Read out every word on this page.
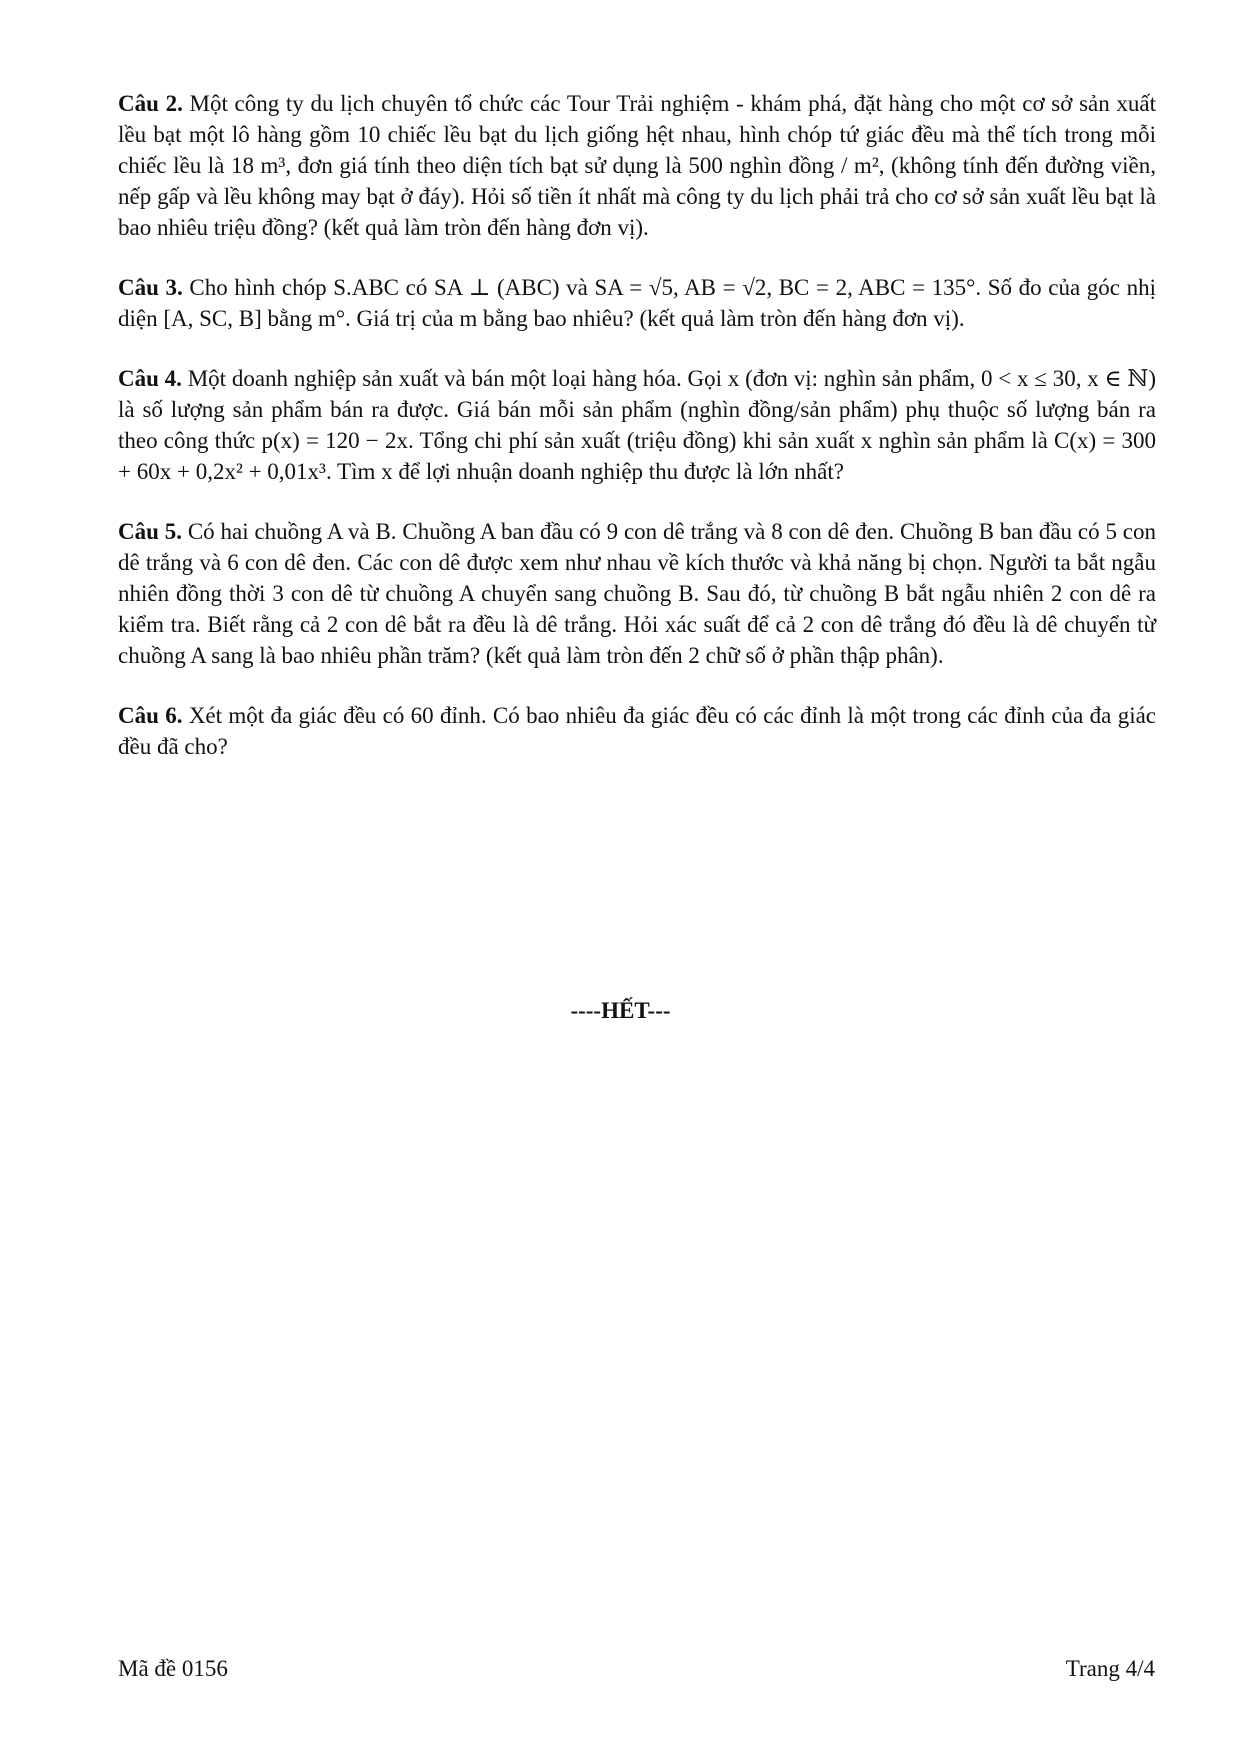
Câu 2. Một công ty du lịch chuyên tổ chức các Tour Trải nghiệm - khám phá, đặt hàng cho một cơ sở sản xuất lều bạt một lô hàng gồm 10 chiếc lều bạt du lịch giống hệt nhau, hình chóp tứ giác đều mà thể tích trong mỗi chiếc lều là 18 m³, đơn giá tính theo diện tích bạt sử dụng là 500 nghìn đồng / m², (không tính đến đường viền, nếp gấp và lều không may bạt ở đáy). Hỏi số tiền ít nhất mà công ty du lịch phải trả cho cơ sở sản xuất lều bạt là bao nhiêu triệu đồng? (kết quả làm tròn đến hàng đơn vị).

Câu 3. Cho hình chóp S.ABC có SA ⊥ (ABC) và SA = √5, AB = √2, BC = 2, ABC = 135°. Số đo của góc nhị diện [A, SC, B] bằng m°. Giá trị của m bằng bao nhiêu? (kết quả làm tròn đến hàng đơn vị).

Câu 4. Một doanh nghiệp sản xuất và bán một loại hàng hóa. Gọi x (đơn vị: nghìn sản phẩm, 0 < x ≤ 30, x ∈ ℕ) là số lượng sản phẩm bán ra được. Giá bán mỗi sản phẩm (nghìn đồng/sản phẩm) phụ thuộc số lượng bán ra theo công thức p(x) = 120 − 2x. Tổng chi phí sản xuất (triệu đồng) khi sản xuất x nghìn sản phẩm là C(x) = 300 + 60x + 0,2x² + 0,01x³. Tìm x để lợi nhuận doanh nghiệp thu được là lớn nhất?

Câu 5. Có hai chuồng A và B. Chuồng A ban đầu có 9 con dê trắng và 8 con dê đen. Chuồng B ban đầu có 5 con dê trắng và 6 con dê đen. Các con dê được xem như nhau về kích thước và khả năng bị chọn. Người ta bắt ngẫu nhiên đồng thời 3 con dê từ chuồng A chuyển sang chuồng B. Sau đó, từ chuồng B bắt ngẫu nhiên 2 con dê ra kiểm tra. Biết rằng cả 2 con dê bắt ra đều là dê trắng. Hỏi xác suất để cả 2 con dê trắng đó đều là dê chuyển từ chuồng A sang là bao nhiêu phần trăm? (kết quả làm tròn đến 2 chữ số ở phần thập phân).

Câu 6. Xét một đa giác đều có 60 đỉnh. Có bao nhiêu đa giác đều có các đỉnh là một trong các đỉnh của đa giác đều đã cho?

----HẾT---
Mã đề 0156	Trang 4/4
